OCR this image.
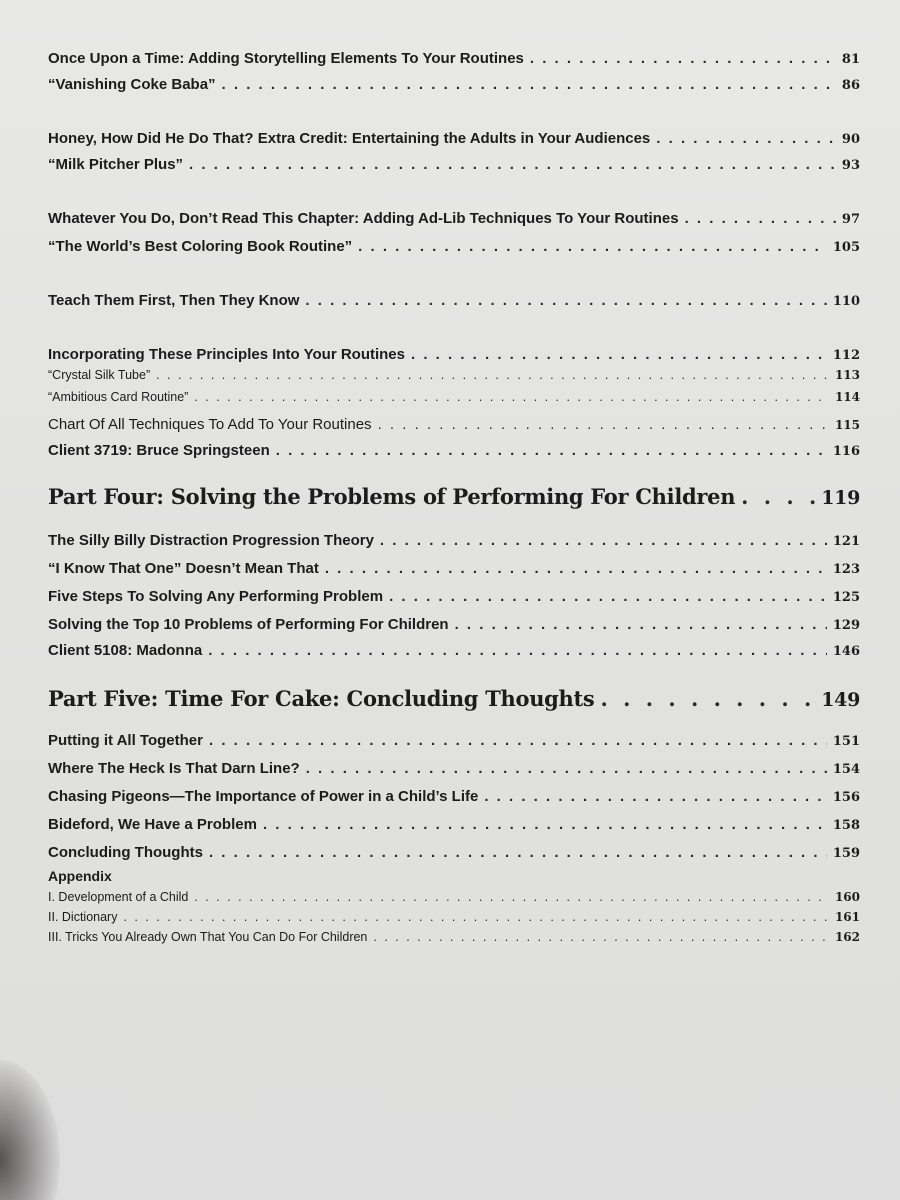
Once Upon a Time: Adding Storytelling Elements To Your Routines . . .	81
“Vanishing Coke Baba” . . .	86
Honey, How Did He Do That? Extra Credit: Entertaining the Adults in Your Audiences . . .	90
“Milk Pitcher Plus” . . .	93
Whatever You Do, Don’t Read This Chapter: Adding Ad-Lib Techniques To Your Routines . . .	97
“The World’s Best Coloring Book Routine” . . .	105
Teach Them First, Then They Know . . .	110
Incorporating These Principles Into Your Routines . . .	112
“Crystal Silk Tube” . . .	113
“Ambitious Card Routine” . . .	114
Chart Of All Techniques To Add To Your Routines . . .	115
Client 3719: Bruce Springsteen . . .	116
Part Four: Solving the Problems of Performing For Children . . .	119
The Silly Billy Distraction Progression Theory . . .	121
“I Know That One” Doesn’t Mean That . . .	123
Five Steps To Solving Any Performing Problem . . .	125
Solving the Top 10 Problems of Performing For Children . . .	129
Client 5108: Madonna . . .	146
Part Five: Time For Cake: Concluding Thoughts . . .	149
Putting it All Together . . .	151
Where The Heck Is That Darn Line? . . .	154
Chasing Pigeons—The Importance of Power in a Child’s Life . . .	156
Bideford, We Have a Problem . . .	158
Concluding Thoughts . . .	159
Appendix
I. Development of a Child . . .	160
II. Dictionary . . .	161
III. Tricks You Already Own That You Can Do For Children . . .	162
